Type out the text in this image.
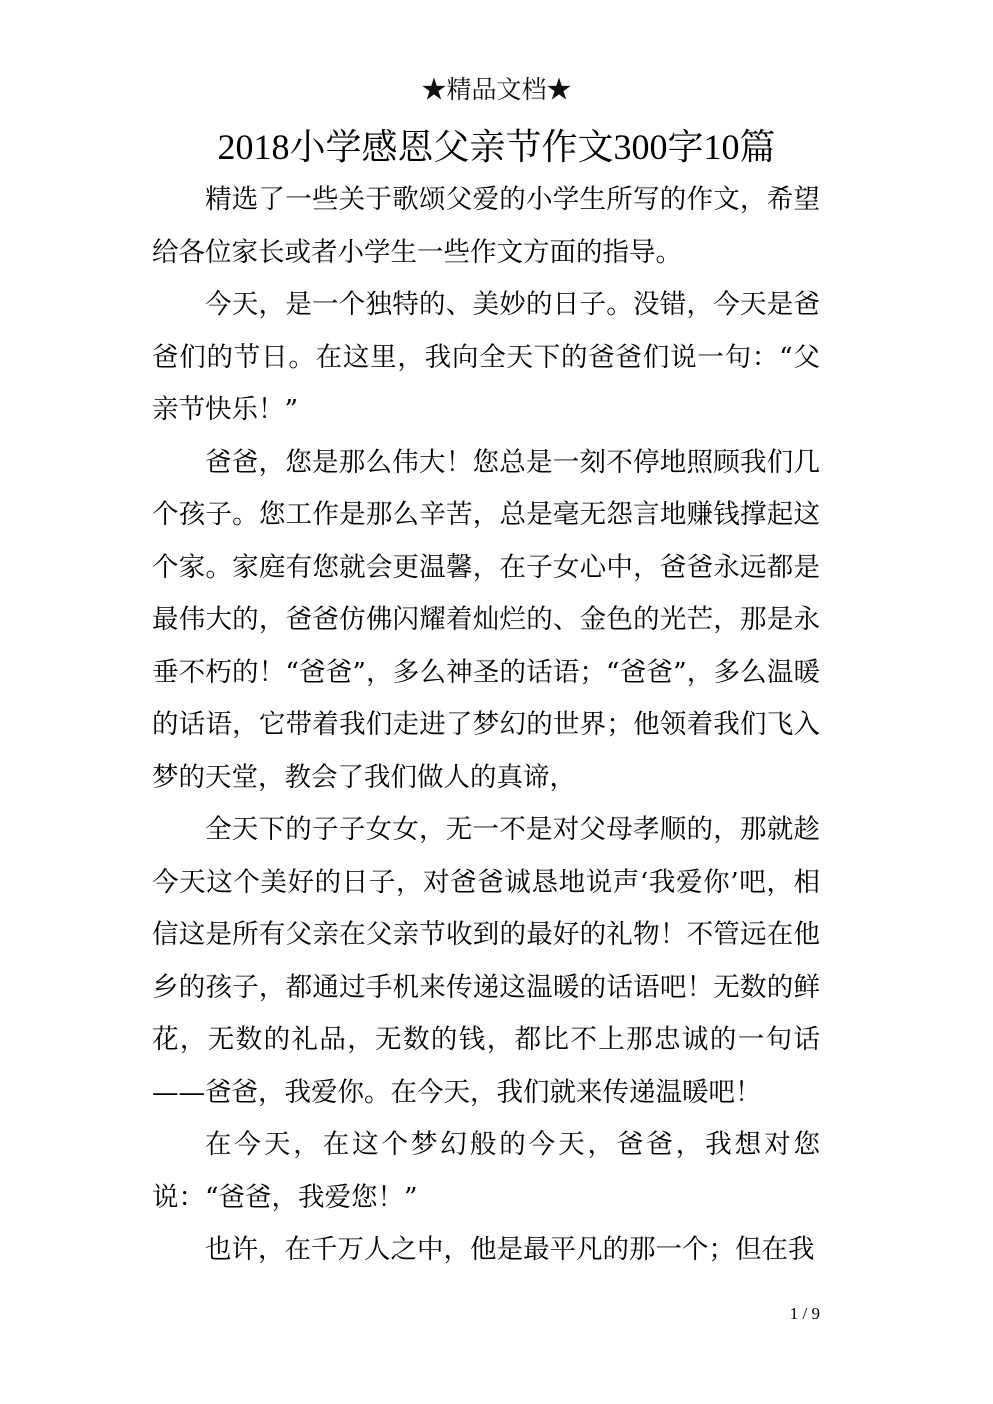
★精品文档★
2018小学感恩父亲节作文300字10篇

精选了一些关于歌颂父爱的小学生所写的作文，希望给各位家长或者小学生一些作文方面的指导。

今天，是一个独特的、美妙的日子。没错，今天是爸爸们的节日。在这里，我向全天下的爸爸们说一句：“父亲节快乐！”

爸爸，您是那么伟大！您总是一刻不停地照顾我们几个孩子。您工作是那么辛苦，总是毫无怨言地赚钱撑起这个家。家庭有您就会更温馨，在子女心中，爸爸永远都是最伟大的，爸爸仿佛闪耀着灿烂的、金色的光芒，那是永垂不朽的！“爸爸”，多么神圣的话语；“爸爸”，多么温暖的话语，它带着我们走进了梦幻的世界；他领着我们飞入梦的天堂，教会了我们做人的真谛，

全天下的子子女女，无一不是对父母孝顺的，那就趁今天这个美好的日子，对爸爸诚恳地说声‘我爱你’吧，相信这是所有父亲在父亲节收到的最好的礼物！不管远在他乡的孩子，都通过手机来传递这温暖的话语吧！无数的鲜花，无数的礼品，无数的钱，都比不上那忠诚的一句话——爸爸，我爱你。在今天，我们就来传递温暖吧！

在今天，在这个梦幻般的今天，爸爸，我想对您说：“爸爸，我爱您！”

也许，在千万人之中，他是最平凡的那一个；但在我

1 / 9
